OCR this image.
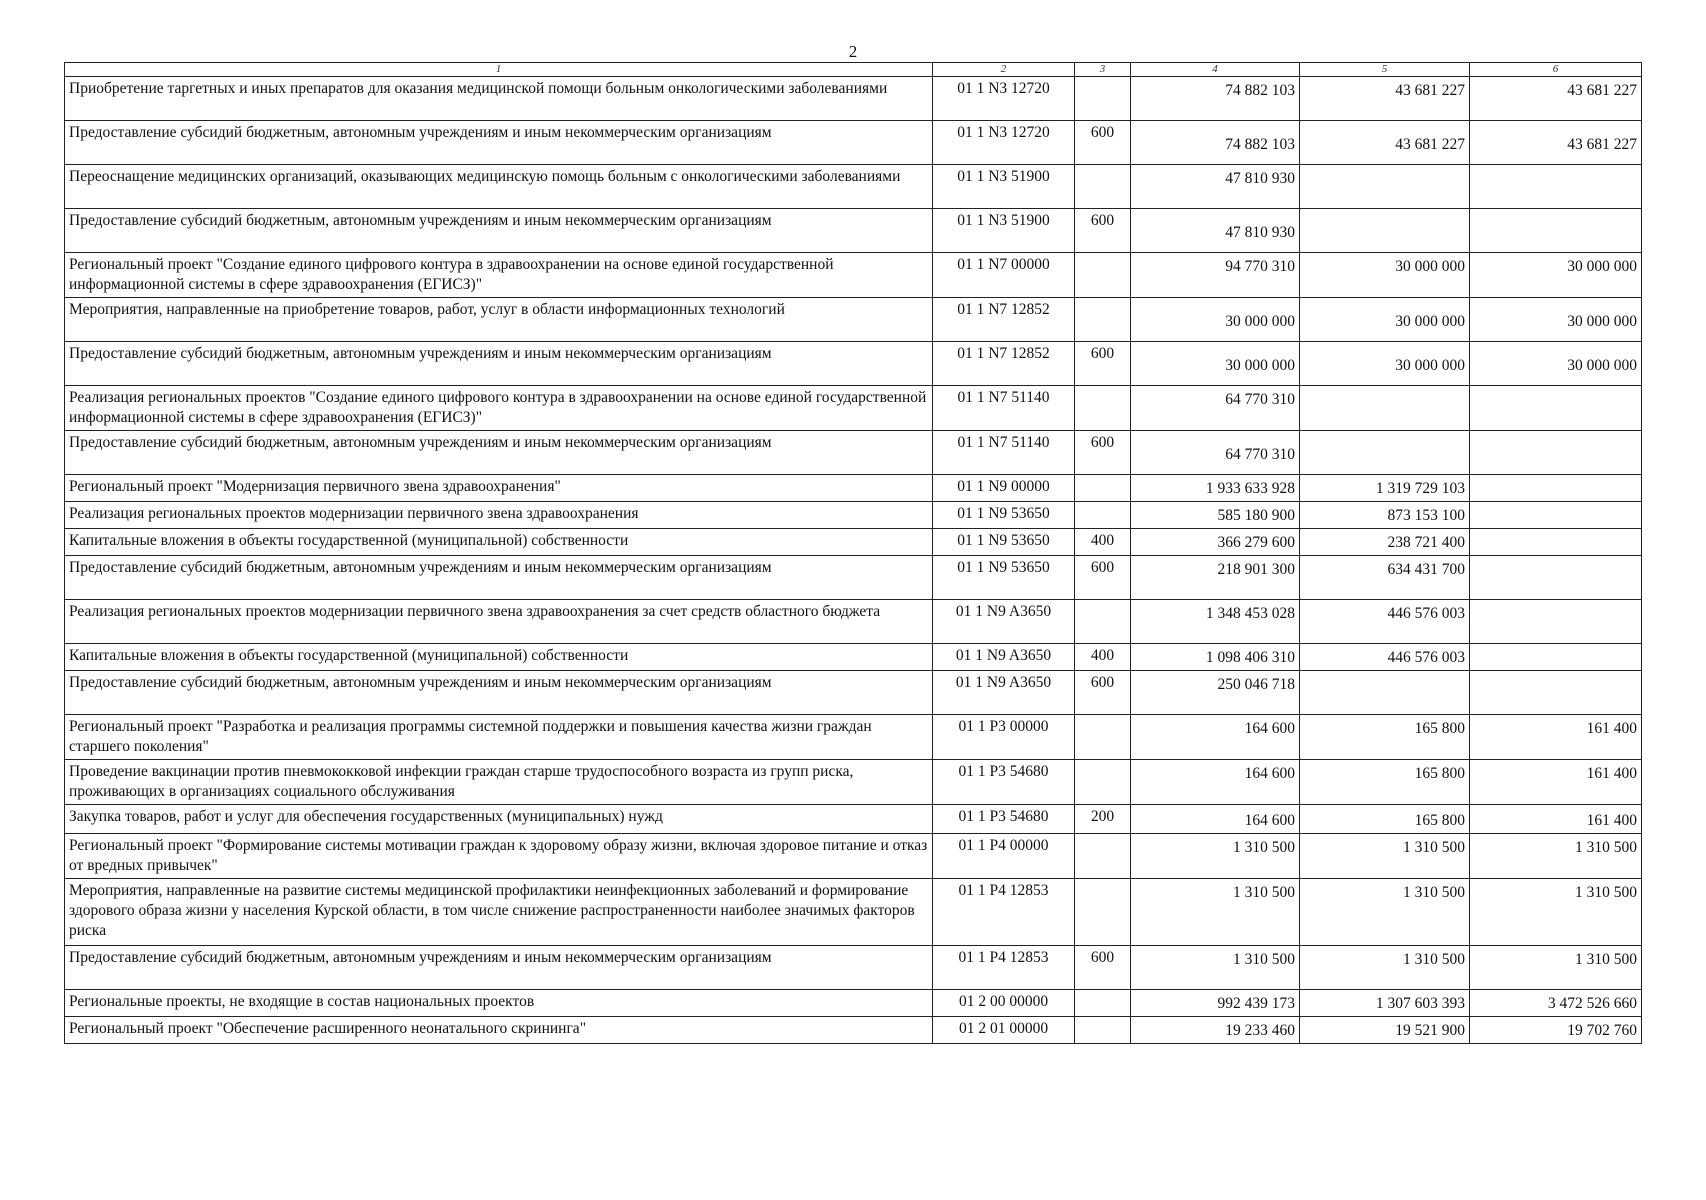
2
1	2	3	4	5	6
Приобретение таргетных и иных препаратов для оказания медицинской помощи больным онкологическими заболеваниями	01 1 N3 12720		74 882 103	43 681 227	43 681 227
Предоставление субсидий бюджетным, автономным учреждениям и иным некоммерческим организациям	01 1 N3 12720	600	74 882 103	43 681 227	43 681 227
Переоснащение медицинских организаций, оказывающих медицинскую помощь больным с онкологическими заболеваниями	01 1 N3 51900		47 810 930		
Предоставление субсидий бюджетным, автономным учреждениям и иным некоммерческим организациям	01 1 N3 51900	600	47 810 930		
Региональный проект "Создание единого цифрового контура в здравоохранении на основе единой государственной информационной системы в сфере здравоохранения (ЕГИСЗ)"	01 1 N7 00000		94 770 310	30 000 000	30 000 000
Мероприятия, направленные на приобретение товаров, работ, услуг в области информационных технологий	01 1 N7 12852		30 000 000	30 000 000	30 000 000
Предоставление субсидий бюджетным, автономным учреждениям и иным некоммерческим организациям	01 1 N7 12852	600	30 000 000	30 000 000	30 000 000
Реализация региональных проектов "Создание единого цифрового контура в здравоохранении на основе единой государственной информационной системы в сфере здравоохранения (ЕГИСЗ)"	01 1 N7 51140		64 770 310		
Предоставление субсидий бюджетным, автономным учреждениям и иным некоммерческим организациям	01 1 N7 51140	600	64 770 310		
Региональный проект "Модернизация первичного звена здравоохранения"	01 1 N9 00000		1 933 633 928	1 319 729 103	
Реализация региональных проектов модернизации первичного звена здравоохранения	01 1 N9 53650		585 180 900	873 153 100	
Капитальные вложения в объекты государственной (муниципальной) собственности	01 1 N9 53650	400	366 279 600	238 721 400	
Предоставление субсидий бюджетным, автономным учреждениям и иным некоммерческим организациям	01 1 N9 53650	600	218 901 300	634 431 700	
Реализация региональных проектов модернизации первичного звена здравоохранения за счет средств областного бюджета	01 1 N9 A3650		1 348 453 028	446 576 003	
Капитальные вложения в объекты государственной (муниципальной) собственности	01 1 N9 A3650	400	1 098 406 310	446 576 003	
Предоставление субсидий бюджетным, автономным учреждениям и иным некоммерческим организациям	01 1 N9 A3650	600	250 046 718		
Региональный проект "Разработка и реализация программы системной поддержки и повышения качества жизни граждан старшего поколения"	01 1 P3 00000		164 600	165 800	161 400
Проведение вакцинации против пневмококковой инфекции граждан старше трудоспособного возраста из групп риска, проживающих в организациях социального обслуживания	01 1 P3 54680		164 600	165 800	161 400
Закупка товаров, работ и услуг для обеспечения государственных (муниципальных) нужд	01 1 P3 54680	200	164 600	165 800	161 400
Региональный проект "Формирование системы мотивации граждан к здоровому образу жизни, включая здоровое питание и отказ от вредных привычек"	01 1 P4 00000		1 310 500	1 310 500	1 310 500
Мероприятия, направленные на развитие системы медицинской профилактики неинфекционных заболеваний и формирование здорового образа жизни у населения Курской области, в том числе снижение распространенности наиболее значимых факторов риска	01 1 P4 12853		1 310 500	1 310 500	1 310 500
Предоставление субсидий бюджетным, автономным учреждениям и иным некоммерческим организациям	01 1 P4 12853	600	1 310 500	1 310 500	1 310 500
Региональные проекты, не входящие в состав национальных проектов	01 2 00 00000		992 439 173	1 307 603 393	3 472 526 660
Региональный проект "Обеспечение расширенного неонатального скрининга"	01 2 01 00000		19 233 460	19 521 900	19 702 760
